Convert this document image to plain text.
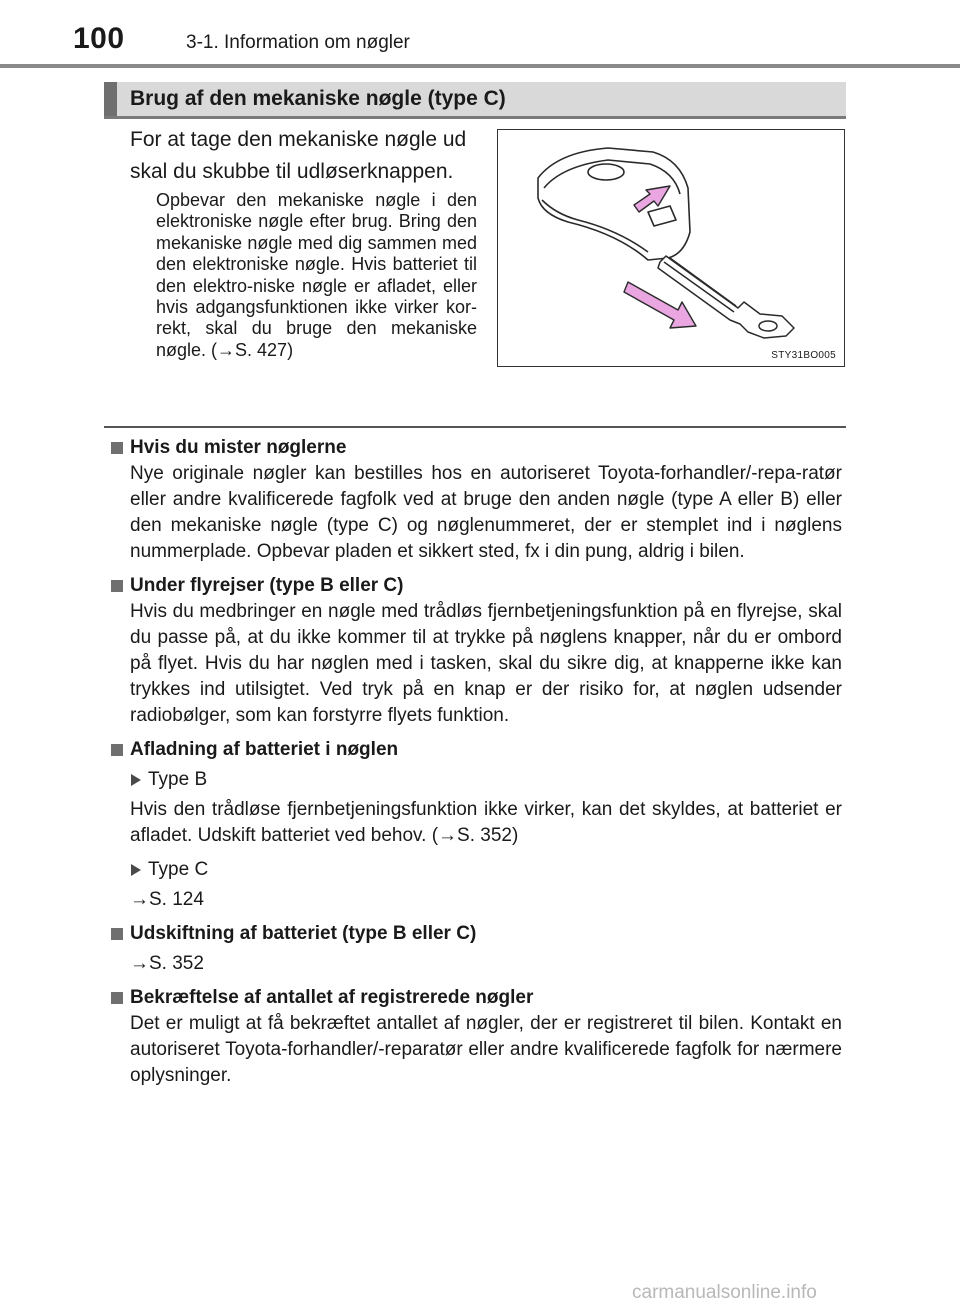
100	3-1. Information om nøgler
Brug af den mekaniske nøgle (type C)
For at tage den mekaniske nøgle ud skal du skubbe til udløserknappen.
Opbevar den mekaniske nøgle i den elektroniske nøgle efter brug. Bring den mekaniske nøgle med dig sammen med den elektroniske nøgle. Hvis batteriet til den elektro-niske nøgle er afladet, eller hvis adgangsfunktionen ikke virker kor-rekt, skal du bruge den mekaniske nøgle. (→S. 427)	STY31BO005
Hvis du mister nøglerne
Nye originale nøgler kan bestilles hos en autoriseret Toyota-forhandler/-repa-ratør eller andre kvalificerede fagfolk ved at bruge den anden nøgle (type A eller B) eller den mekaniske nøgle (type C) og nøglenummeret, der er stemplet ind i nøglens nummerplade. Opbevar pladen et sikkert sted, fx i din pung, aldrig i bilen.
Under flyrejser (type B eller C)
Hvis du medbringer en nøgle med trådløs fjernbetjeningsfunktion på en flyrejse, skal du passe på, at du ikke kommer til at trykke på nøglens knapper, når du er ombord på flyet. Hvis du har nøglen med i tasken, skal du sikre dig, at knapperne ikke kan trykkes ind utilsigtet. Ved tryk på en knap er der risiko for, at nøglen udsender radiobølger, som kan forstyrre flyets funktion.
Afladning af batteriet i nøglen
Type B
Hvis den trådløse fjernbetjeningsfunktion ikke virker, kan det skyldes, at batteriet er afladet. Udskift batteriet ved behov. (→S. 352)
Type C
→S. 124
Udskiftning af batteriet (type B eller C)
→S. 352
Bekræftelse af antallet af registrerede nøgler
Det er muligt at få bekræftet antallet af nøgler, der er registreret til bilen. Kontakt en autoriseret Toyota-forhandler/-reparatør eller andre kvalificerede fagfolk for nærmere oplysninger.
carmanualsonline.info
